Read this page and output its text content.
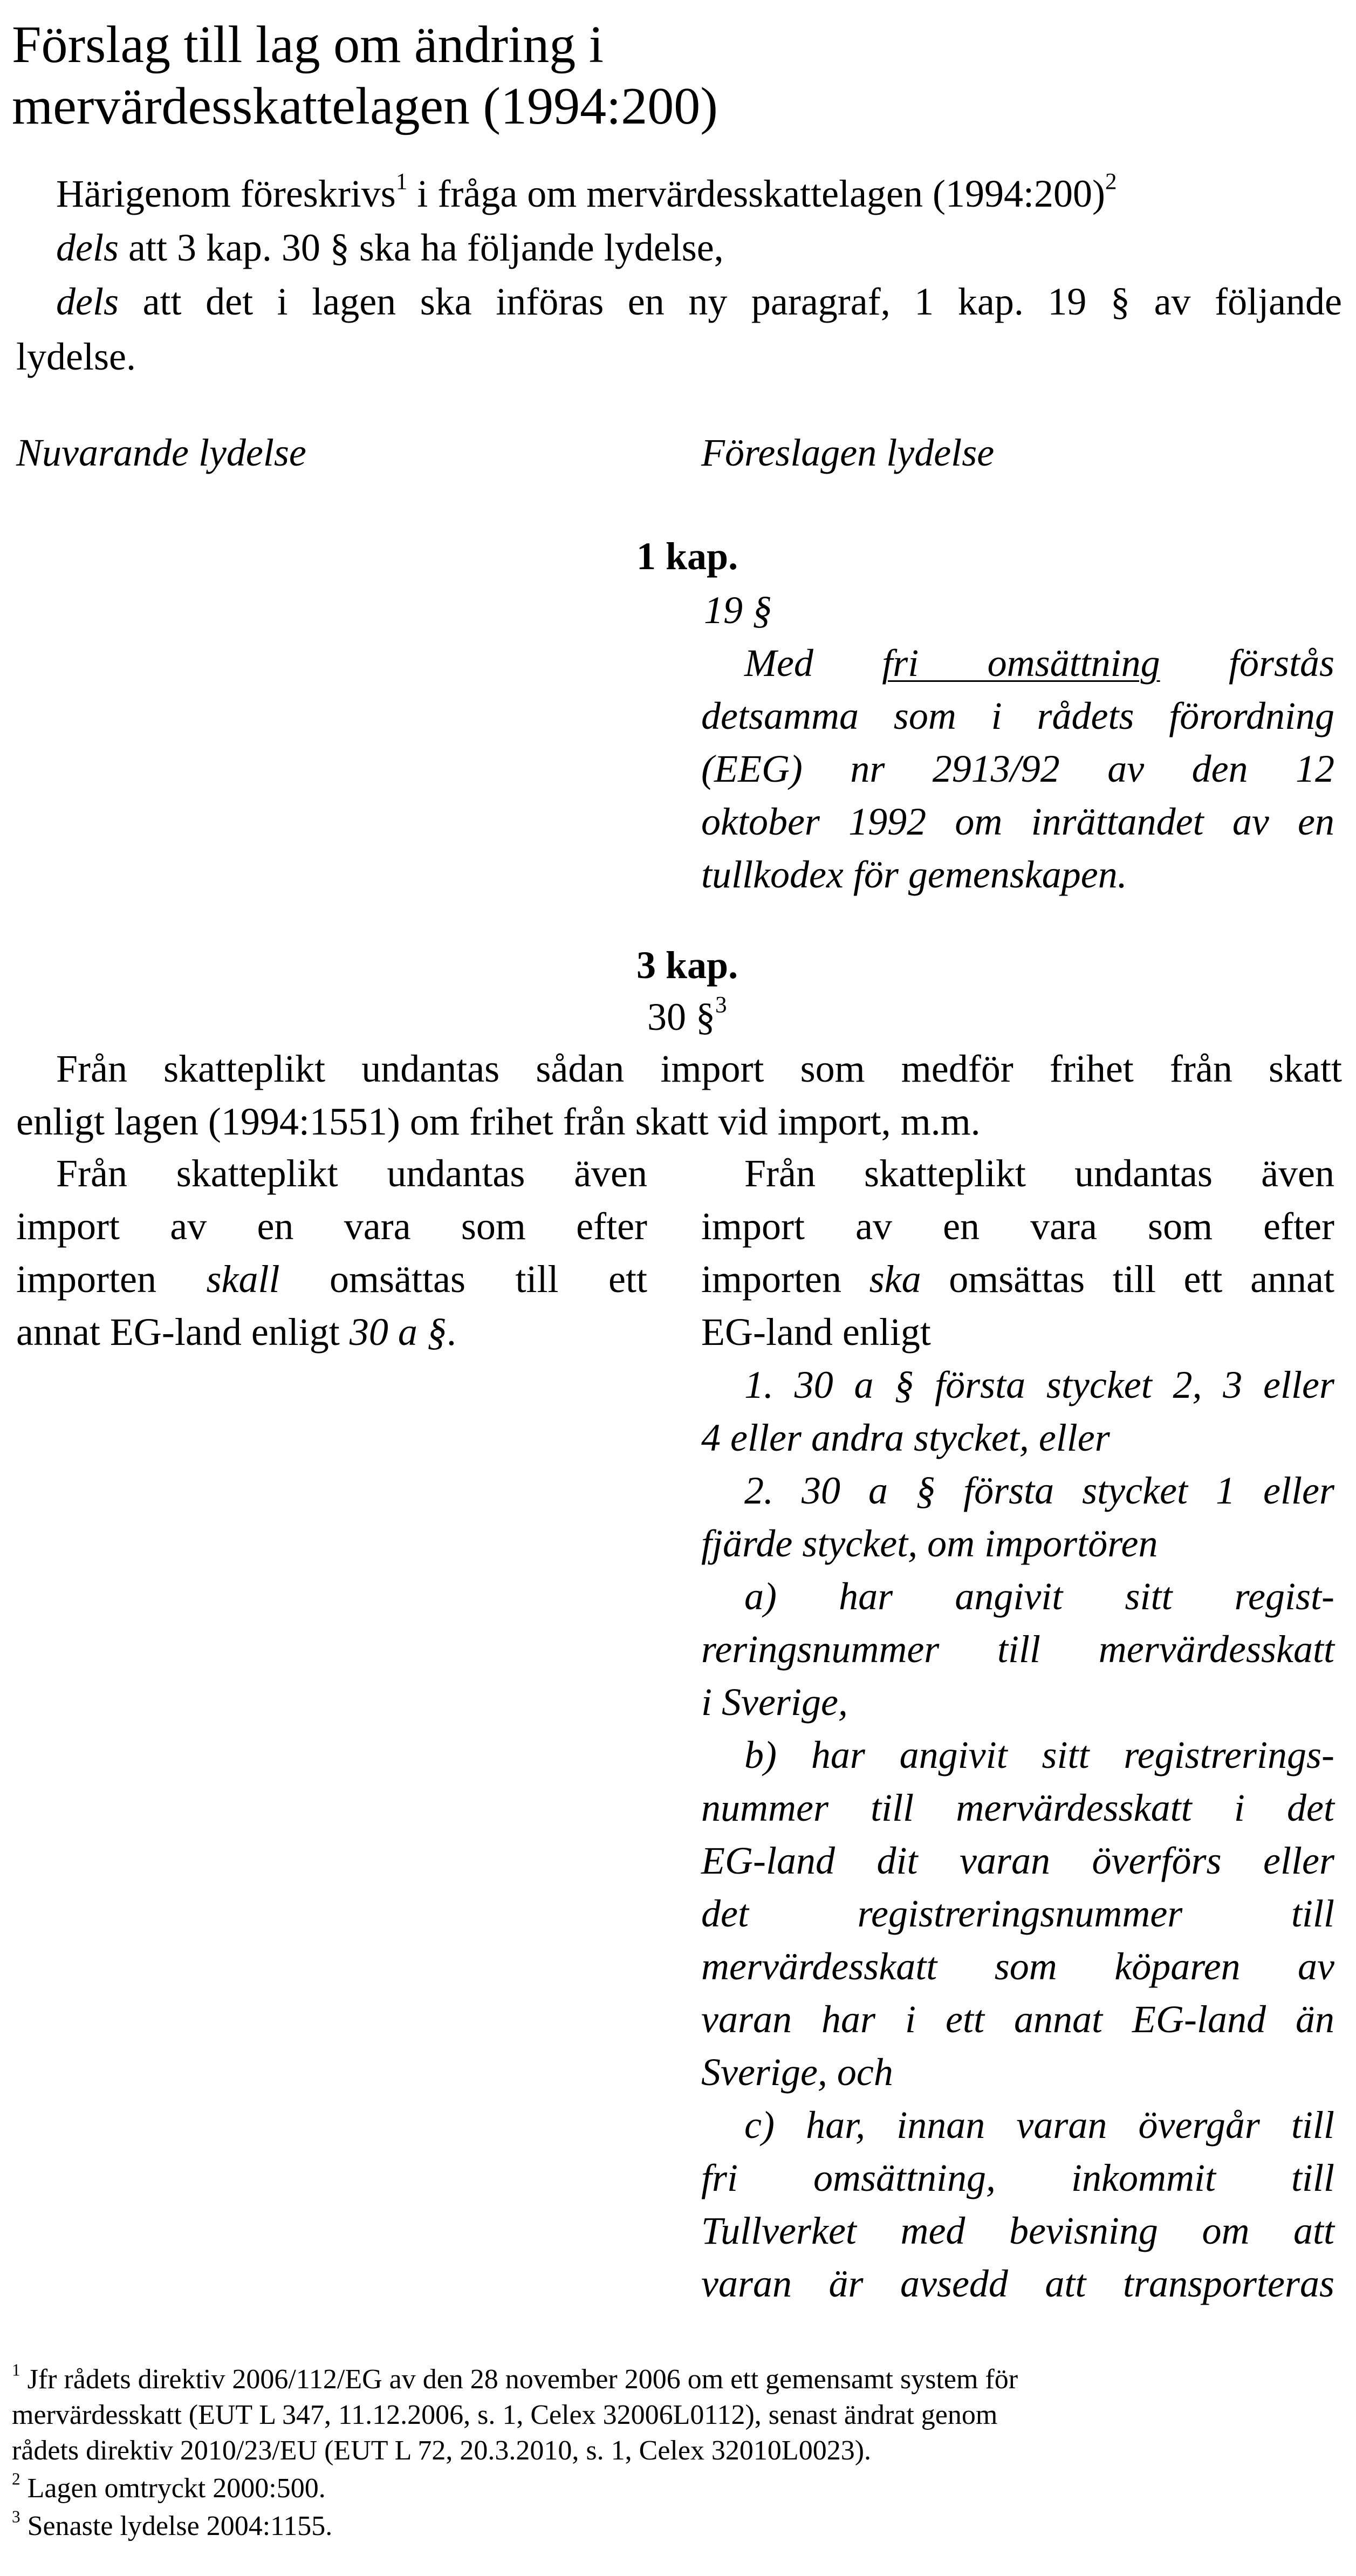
Förslag till lag om ändring i
mervärdesskattelagen (1994:200)
Härigenom föreskrivs$^1$ i fråga om mervärdesskattelagen (1994:200)$^2$
dels att 3 kap. 30 § ska ha följande lydelse,
dels att det i lagen ska införas en ny paragraf, 1 kap. 19 § av följande
lydelse.
Nuvarande lydelse	Föreslagen lydelse
1 kap.
19 §
Med fri omsättning förstås
detsamma som i rådets förordning
(EEG) nr 2913/92 av den 12
oktober 1992 om inrättandet av en
tullkodex för gemenskapen.
3 kap.
30 §$^3$
Från skatteplikt undantas sådan import som medför frihet från skatt
enligt lagen (1994:1551) om frihet från skatt vid import, m.m.
Från skatteplikt undantas även
import av en vara som efter
importen skall omsättas till ett
annat EG-land enligt 30 a §.
Från skatteplikt undantas även
import av en vara som efter
importen ska omsättas till ett annat
EG-land enligt
1. 30 a § första stycket 2, 3 eller
4 eller andra stycket, eller
2. 30 a § första stycket 1 eller
fjärde stycket, om importören
a) har angivit sitt regist-
reringsnummer till mervärdesskatt
i Sverige,
b) har angivit sitt registrerings-
nummer till mervärdesskatt i det
EG-land dit varan överförs eller
det registreringsnummer till
mervärdesskatt som köparen av
varan har i ett annat EG-land än
Sverige, och
c) har, innan varan övergår till
fri omsättning, inkommit till
Tullverket med bevisning om att
varan är avsedd att transporteras
$^1$ Jfr rådets direktiv 2006/112/EG av den 28 november 2006 om ett gemensamt system för
mervärdesskatt (EUT L 347, 11.12.2006, s. 1, Celex 32006L0112), senast ändrat genom
rådets direktiv 2010/23/EU (EUT L 72, 20.3.2010, s. 1, Celex 32010L0023).
$^2$ Lagen omtryckt 2000:500.
$^3$ Senaste lydelse 2004:1155.
